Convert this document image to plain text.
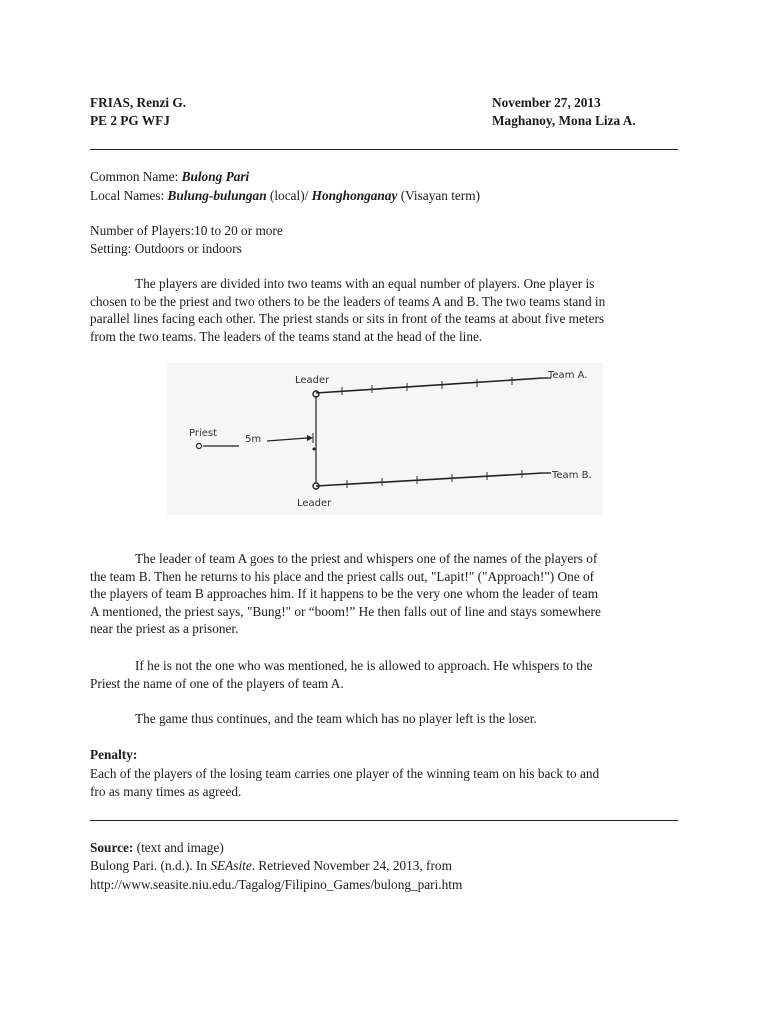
FRIAS, Renzi G.
PE 2 PG WFJ
November 27, 2013
Maghanoy, Mona Liza A.
Common Name: Bulong Pari
Local Names: Bulung-bulungan (local)/ Honghonganay (Visayan term)
Number of Players:10 to 20 or more
Setting: Outdoors or indoors
The players are divided into two teams with an equal number of players. One player is
chosen to be the priest and two others to be the leaders of teams A and B. The two teams stand in
parallel lines facing each other. The priest stands or sits in front of the teams at about five meters
from the two teams. The leaders of the teams stand at the head of the line.
Leader	Team A.
Priest
5m
Team B.
Leader
The leader of team A goes to the priest and whispers one of the names of the players of
the team B. Then he returns to his place and the priest calls out, "Lapit!" ("Approach!") One of
the players of team B approaches him. If it happens to be the very one whom the leader of team
A mentioned, the priest says, "Bung!" or “boom!” He then falls out of line and stays somewhere
near the priest as a prisoner.
If he is not the one who was mentioned, he is allowed to approach. He whispers to the
Priest the name of one of the players of team A.
The game thus continues, and the team which has no player left is the loser.
Penalty:
Each of the players of the losing team carries one player of the winning team on his back to and
fro as many times as agreed.
Source: (text and image)
Bulong Pari. (n.d.). In SEAsite. Retrieved November 24, 2013, from
http://www.seasite.niu.edu./Tagalog/Filipino_Games/bulong_pari.htm
